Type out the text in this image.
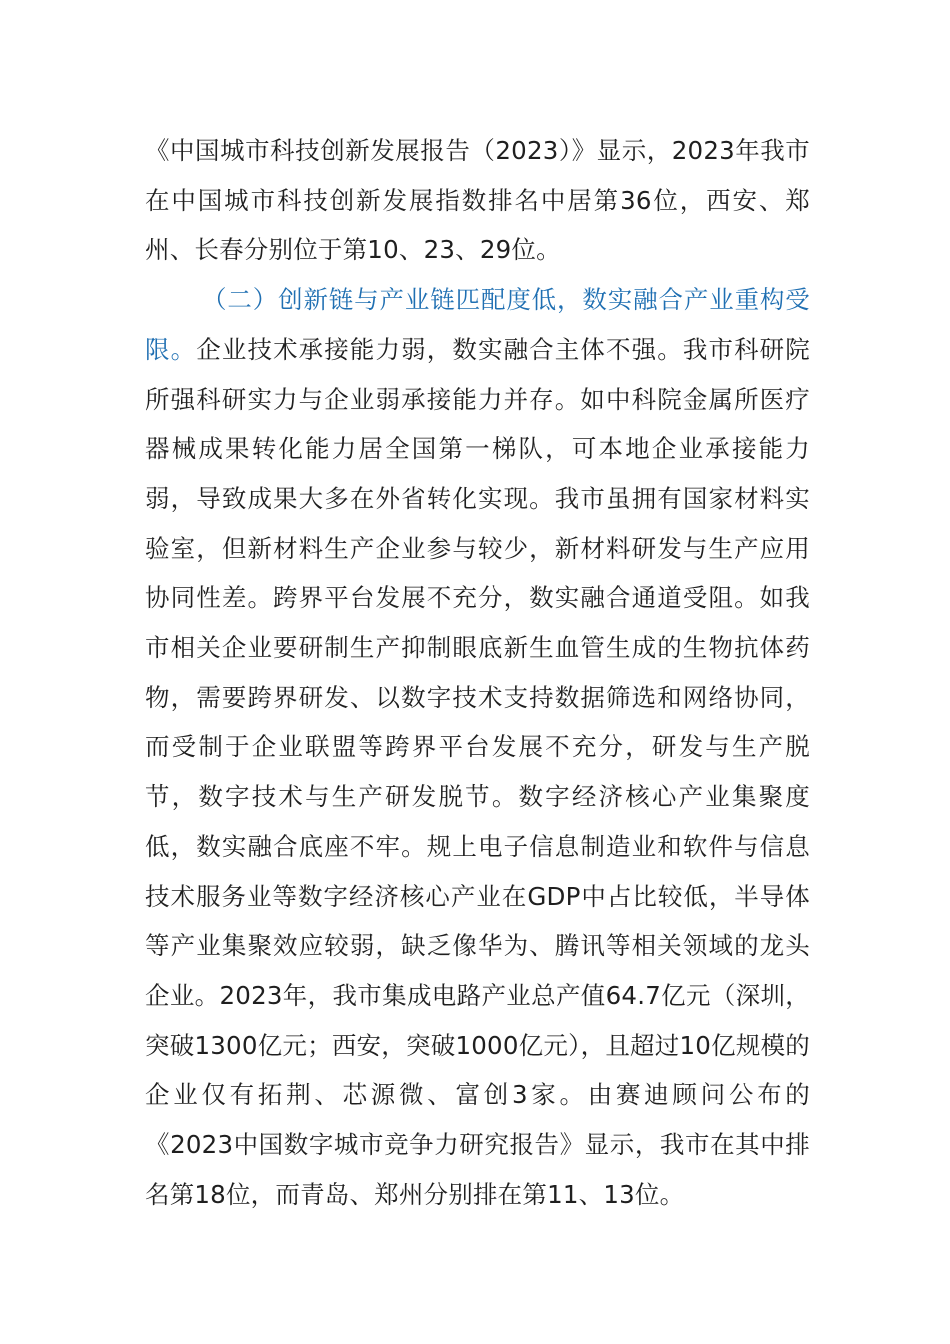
《中国城市科技创新发展报告（2023）》显示，2023年我市在中国城市科技创新发展指数排名中居第36位，西安、郑州、长春分别位于第10、23、29位。

（二）创新链与产业链匹配度低，数实融合产业重构受限。企业技术承接能力弱，数实融合主体不强。我市科研院所强科研实力与企业弱承接能力并存。如中科院金属所医疗器械成果转化能力居全国第一梯队，可本地企业承接能力弱，导致成果大多在外省转化实现。我市虽拥有国家材料实验室，但新材料生产企业参与较少，新材料研发与生产应用协同性差。跨界平台发展不充分，数实融合通道受阻。如我市相关企业要研制生产抑制眼底新生血管生成的生物抗体药物，需要跨界研发、以数字技术支持数据筛选和网络协同，而受制于企业联盟等跨界平台发展不充分，研发与生产脱节，数字技术与生产研发脱节。数字经济核心产业集聚度低，数实融合底座不牢。规上电子信息制造业和软件与信息技术服务业等数字经济核心产业在GDP中占比较低，半导体等产业集聚效应较弱，缺乏像华为、腾讯等相关领域的龙头企业。2023年，我市集成电路产业总产值64.7亿元（深圳，突破1300亿元；西安，突破1000亿元），且超过10亿规模的企业仅有拓荆、芯源微、富创3家。由赛迪顾问公布的《2023中国数字城市竞争力研究报告》显示，我市在其中排名第18位，而青岛、郑州分别排在第11、13位。
